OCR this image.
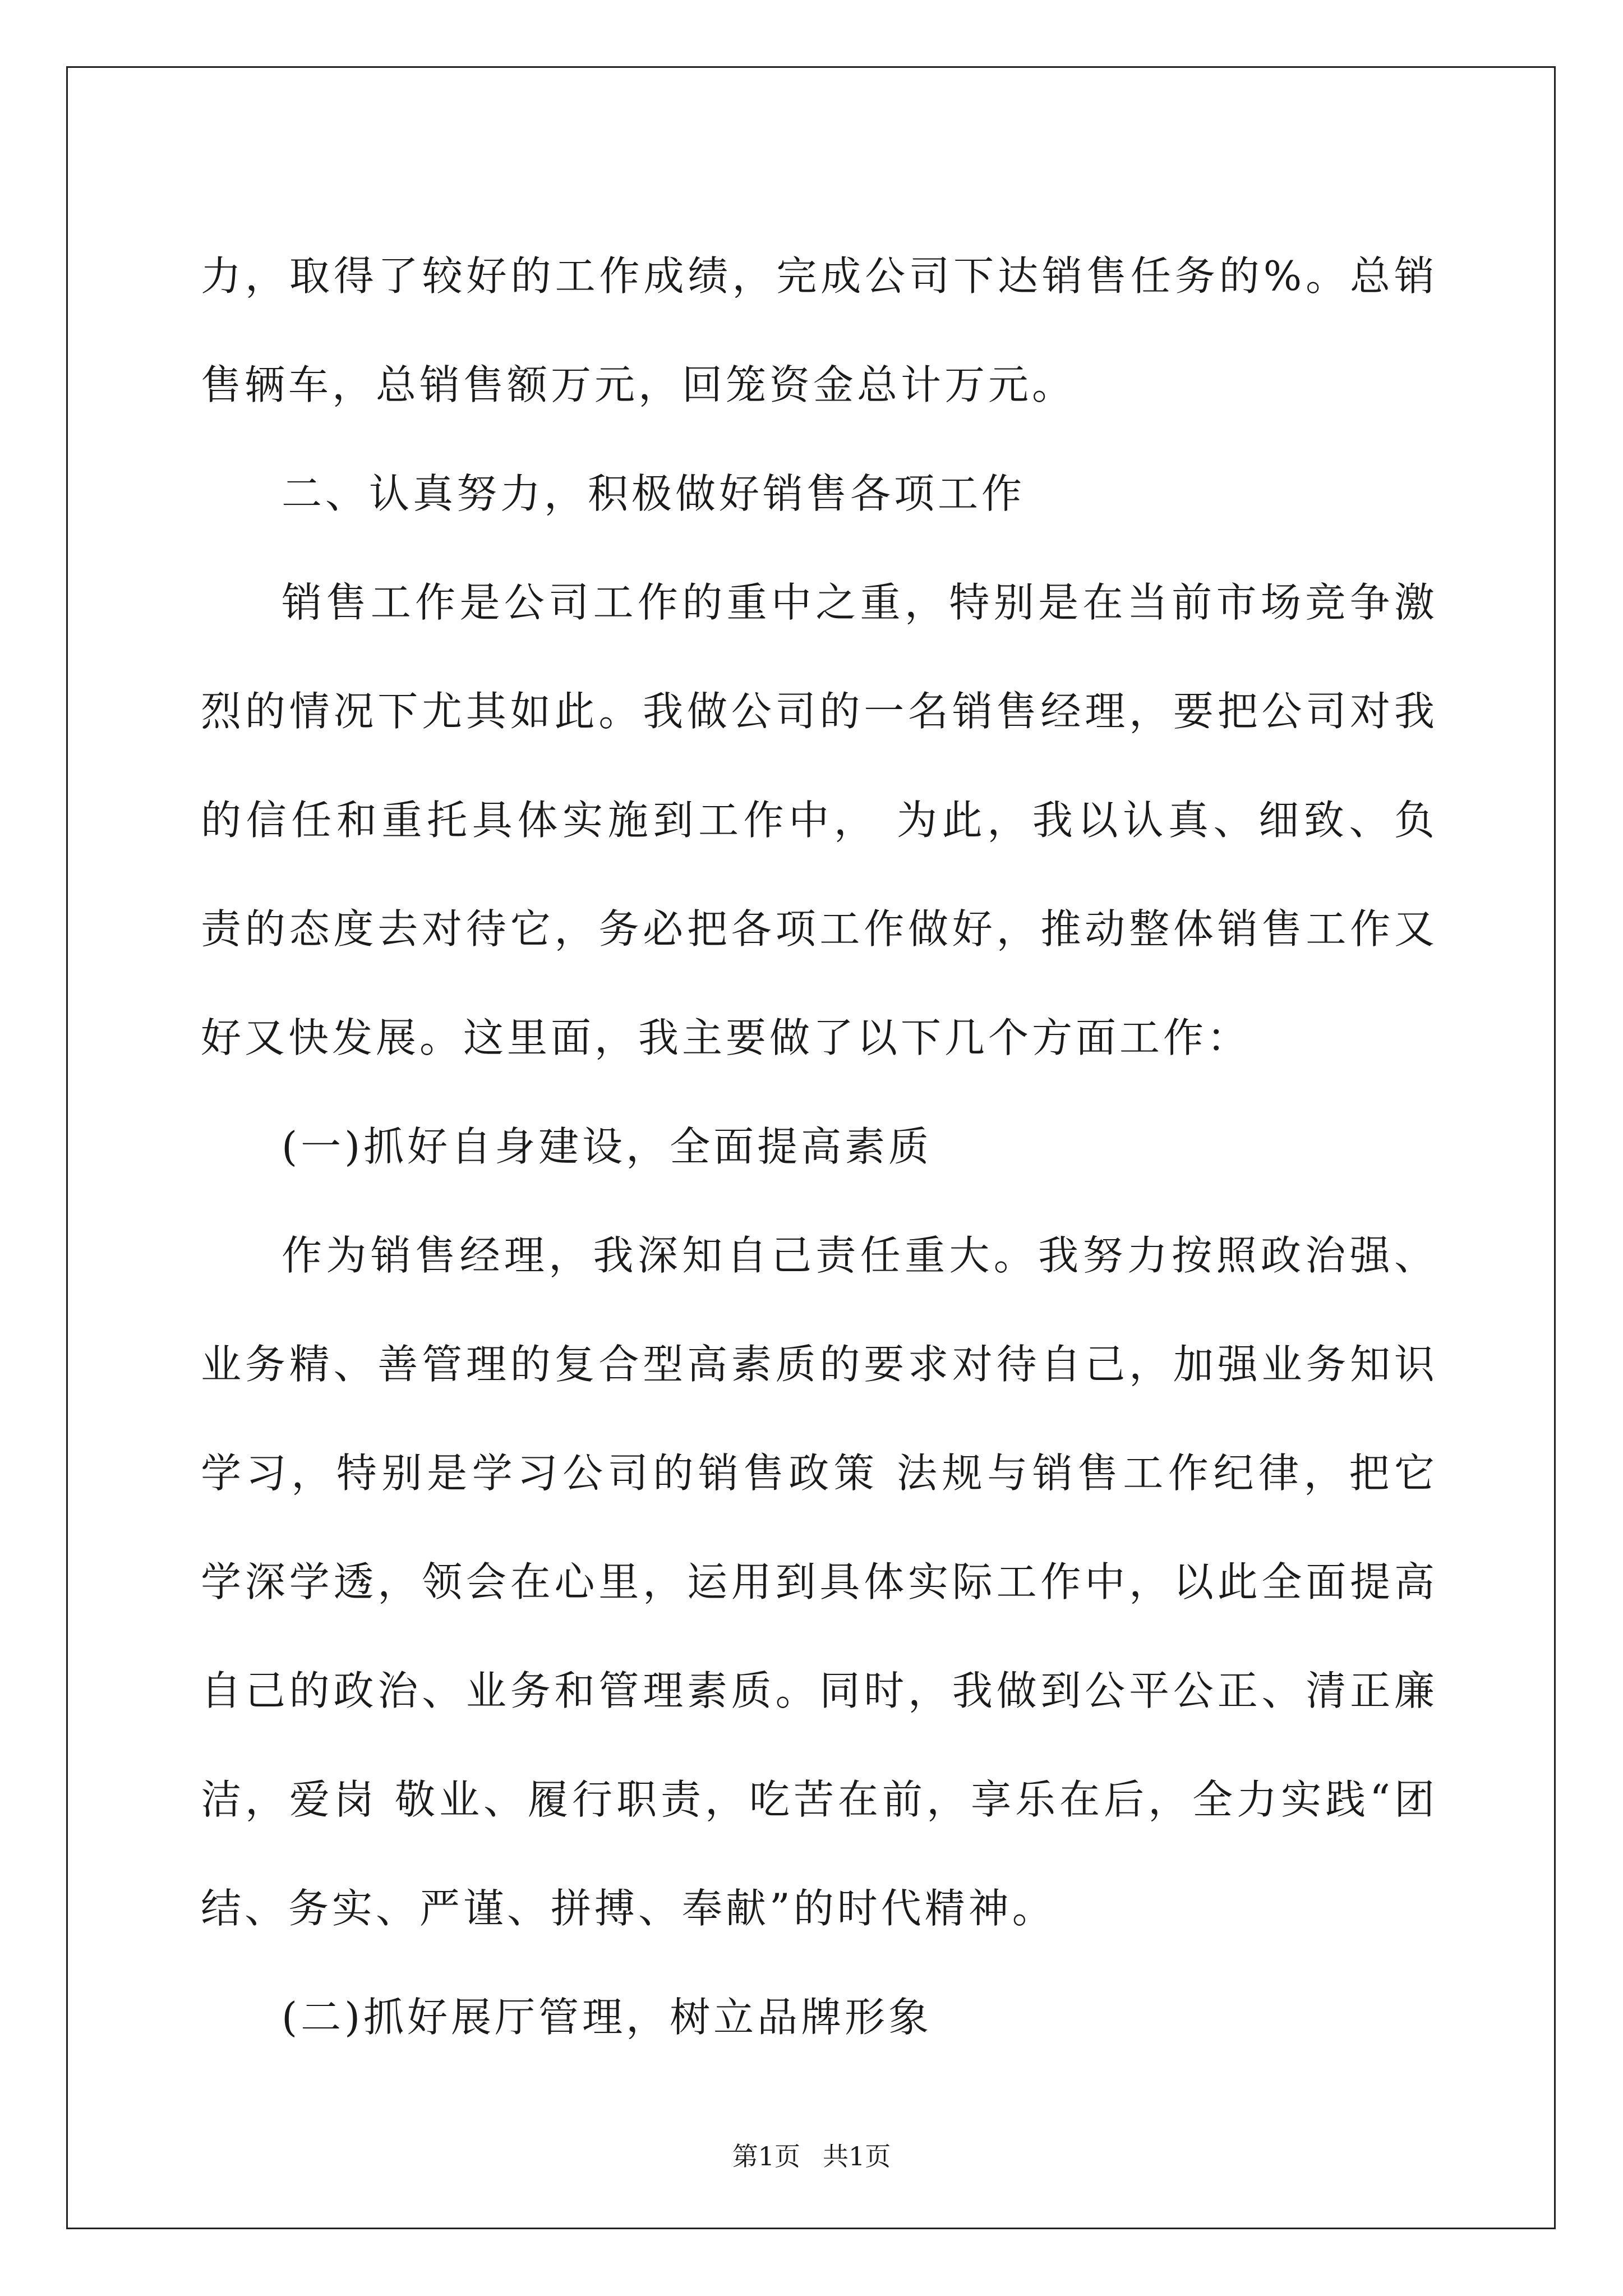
力，取得了较好的工作成绩，完成公司下达销售任务的%。总销售辆车，总销售额万元，回笼资金总计万元。

二、认真努力，积极做好销售各项工作

销售工作是公司工作的重中之重，特别是在当前市场竞争激烈的情况下尤其如此。我做公司的一名销售经理，要把公司对我的信任和重托具体实施到工作中， 为此，我以认真、细致、负责的态度去对待它，务必把各项工作做好，推动整体销售工作又好又快发展。这里面，我主要做了以下几个方面工作：

(一)抓好自身建设，全面提高素质

作为销售经理，我深知自己责任重大。我努力按照政治强、业务精、善管理的复合型高素质的要求对待自己，加强业务知识学习，特别是学习公司的销售政策 法规与销售工作纪律，把它学深学透，领会在心里，运用到具体实际工作中，以此全面提高自己的政治、业务和管理素质。同时，我做到公平公正、清正廉洁，爱岗 敬业、履行职责，吃苦在前，享乐在后，全力实践“团结、务实、严谨、拼搏、奉献”的时代精神。

(二)抓好展厅管理，树立品牌形象

第1页 共1页
